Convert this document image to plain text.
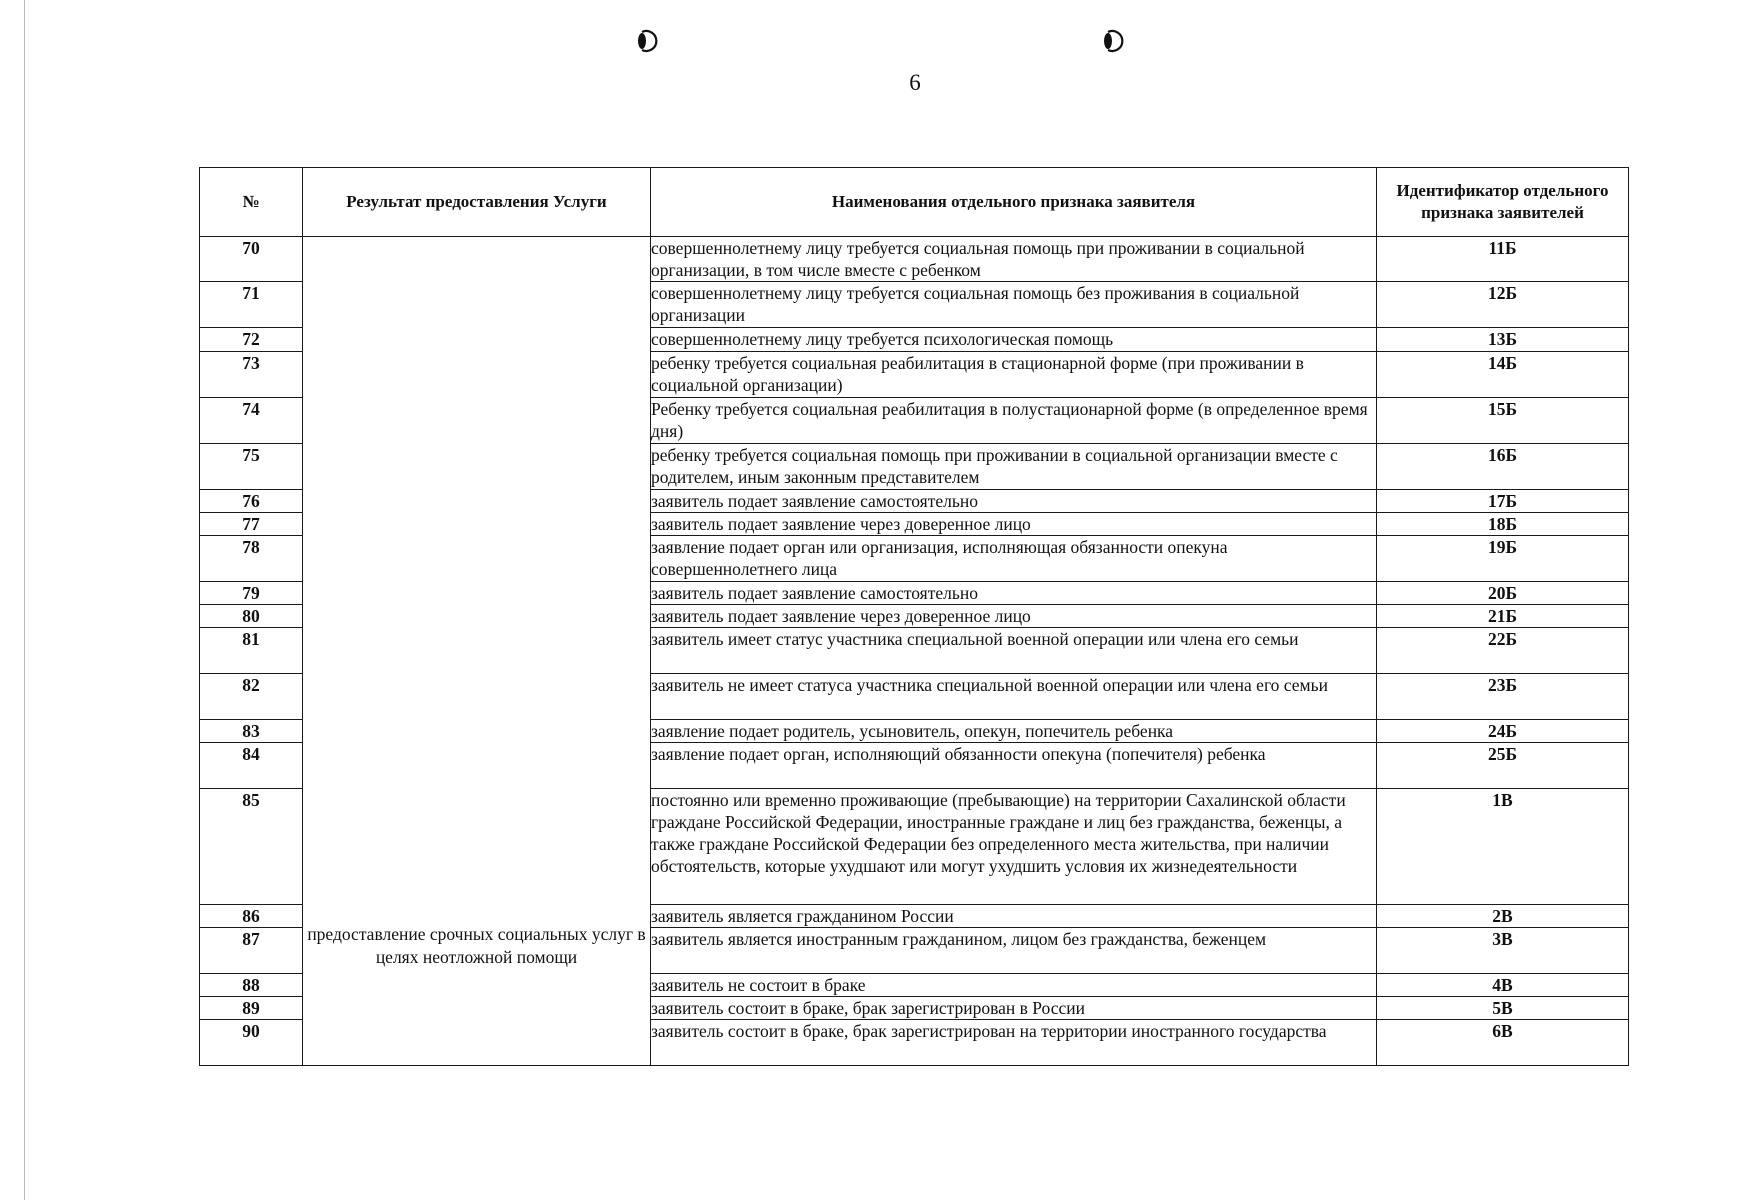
6
№	Результат предоставления Услуги	Наименования отдельного признака заявителя	Идентификатор отдельного признака заявителей
70	предоставление срочных социальных услуг в целях неотложной помощи	совершеннолетнему лицу требуется социальная помощь при проживании в социальной организации, в том числе вместе с ребенком	11Б
71		совершеннолетнему лицу требуется социальная помощь без проживания в социальной организации	12Б
72		совершеннолетнему лицу требуется психологическая помощь	13Б
73		ребенку требуется социальная реабилитация в стационарной форме (при проживании в социальной организации)	14Б
74		Ребенку требуется социальная реабилитация в полустационарной форме (в определенное время дня)	15Б
75		ребенку требуется социальная помощь при проживании в социальной организации вместе с родителем, иным законным представителем	16Б
76		заявитель подает заявление самостоятельно	17Б
77		заявитель подает заявление через доверенное лицо	18Б
78		заявление подает орган или организация, исполняющая обязанности опекуна совершеннолетнего лица	19Б
79		заявитель подает заявление самостоятельно	20Б
80		заявитель подает заявление через доверенное лицо	21Б
81		заявитель имеет статус участника специальной военной операции или члена его семьи	22Б
82		заявитель не имеет статуса участника специальной военной операции или члена его семьи	23Б
83		заявление подает родитель, усыновитель, опекун, попечитель ребенка	24Б
84		заявление подает орган, исполняющий обязанности опекуна (попечителя) ребенка	25Б
85		постоянно или временно проживающие (пребывающие) на территории Сахалинской области граждане Российской Федерации, иностранные граждане и лиц без гражданства, беженцы, а также граждане Российской Федерации без определенного места жительства, при наличии обстоятельств, которые ухудшают или могут ухудшить условия их жизнедеятельности	1В
86		заявитель является гражданином России	2В
87		заявитель является иностранным гражданином, лицом без гражданства, беженцем	3В
88		заявитель не состоит в браке	4В
89		заявитель состоит в браке, брак зарегистрирован в России	5В
90		заявитель состоит в браке, брак зарегистрирован на территории иностранного государства	6В
